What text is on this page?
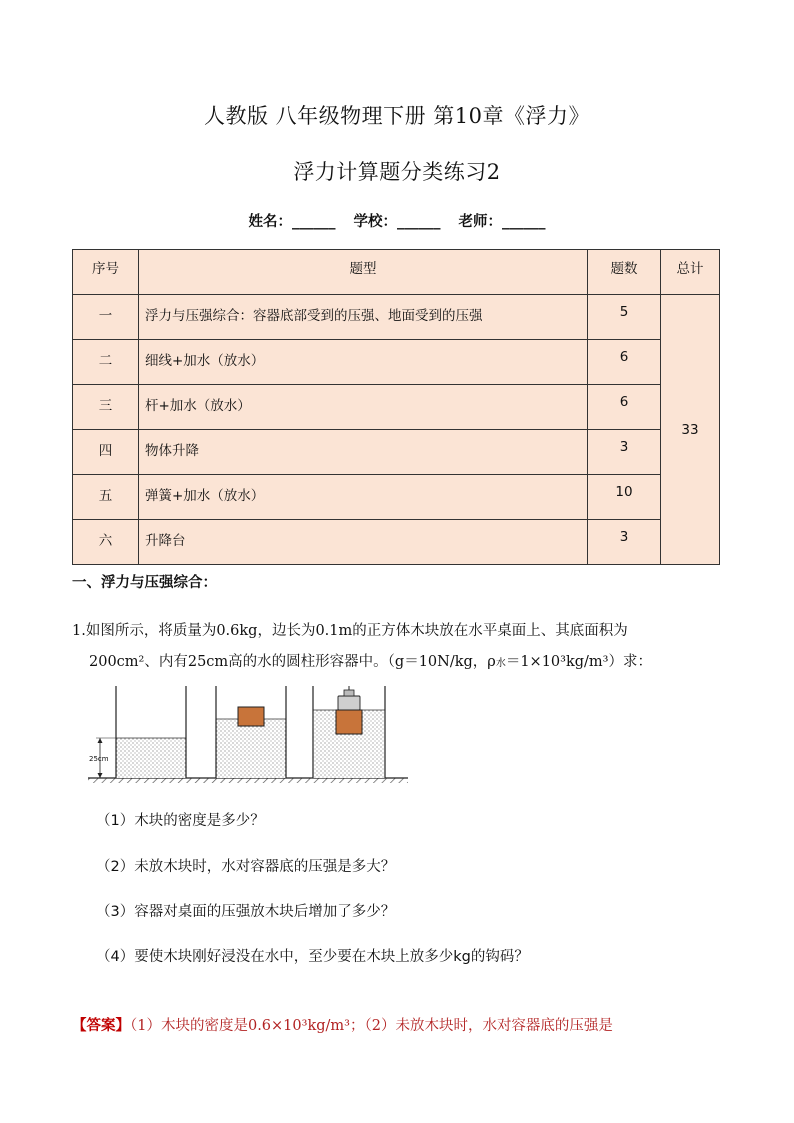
人教版 八年级物理下册 第10章《浮力》
浮力计算题分类练习2
姓名：______ 学校：______ 老师：______
序号	题型	题数	总计
一	浮力与压强综合：容器底部受到的压强、地面受到的压强	5	33
二	细线+加水（放水）	6	
三	杆+加水（放水）	6	
四	物体升降	3	
五	弹簧+加水（放水）	10	
六	升降台	3	
一、浮力与压强综合：
1.如图所示，将质量为0.6kg，边长为0.1m的正方体木块放在水平桌面上、其底面积为
200cm²、内有25cm高的水的圆柱形容器中。（g＝10N/kg，ρ水＝1×10³kg/m³）求：
25cm
（1）木块的密度是多少？
（2）未放木块时，水对容器底的压强是多大？
（3）容器对桌面的压强放木块后增加了多少？
（4）要使木块刚好浸没在水中，至少要在木块上放多少kg的钩码？
【答案】（1）木块的密度是0.6×10³kg/m³；（2）未放木块时，水对容器底的压强是
